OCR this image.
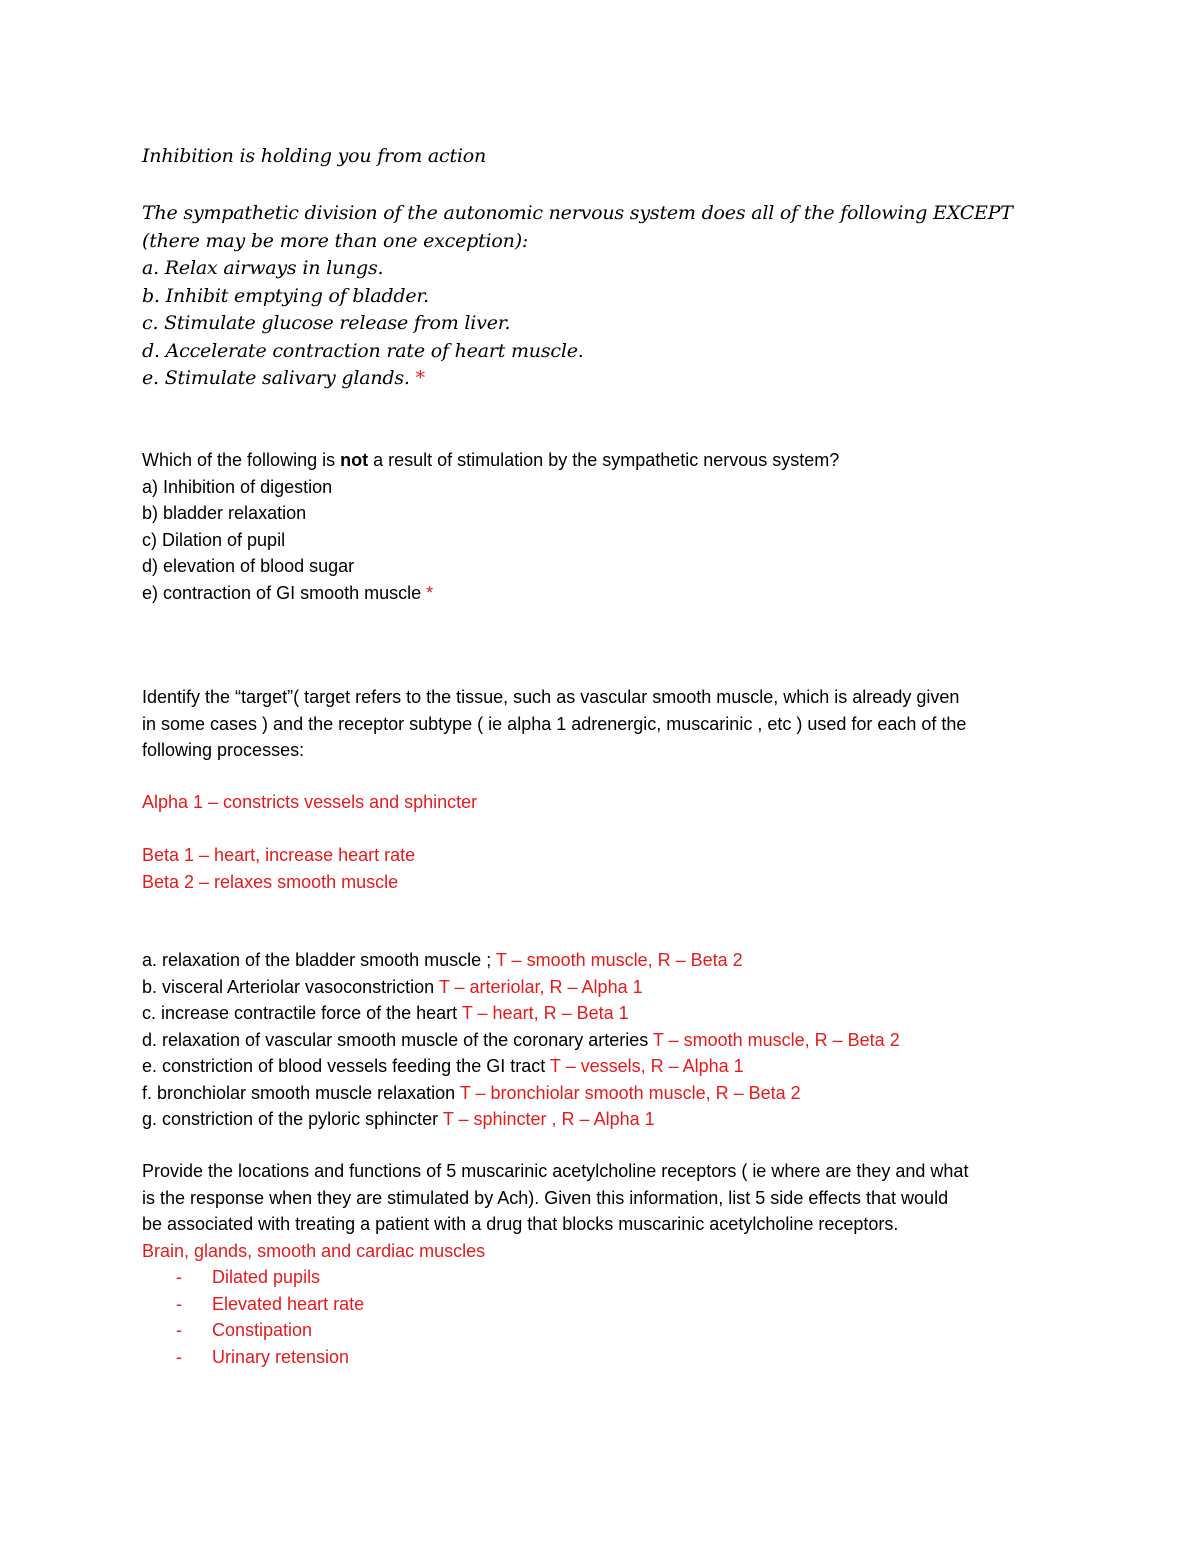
Inhibition is holding you from action
The sympathetic division of the autonomic nervous system does all of the following EXCEPT
(there may be more than one exception):
a. Relax airways in lungs.
b. Inhibit emptying of bladder.
c. Stimulate glucose release from liver.
d. Accelerate contraction rate of heart muscle.
e. Stimulate salivary glands. *
Which of the following is not a result of stimulation by the sympathetic nervous system?
a) Inhibition of digestion
b) bladder relaxation
c) Dilation of pupil
d) elevation of blood sugar
e) contraction of GI smooth muscle *
Identify the “target”( target refers to the tissue, such as vascular smooth muscle, which is already given
in some cases ) and the receptor subtype ( ie alpha 1 adrenergic, muscarinic , etc ) used for each of the
following processes:
Alpha 1 – constricts vessels and sphincter
Beta 1 – heart, increase heart rate
Beta 2 – relaxes smooth muscle
a. relaxation of the bladder smooth muscle ; T – smooth muscle, R – Beta 2
b. visceral Arteriolar vasoconstriction T – arteriolar, R – Alpha 1
c. increase contractile force of the heart T – heart, R – Beta 1
d. relaxation of vascular smooth muscle of the coronary arteries T – smooth muscle, R – Beta 2
e. constriction of blood vessels feeding the GI tract T – vessels, R – Alpha 1
f. bronchiolar smooth muscle relaxation T – bronchiolar smooth muscle, R – Beta 2
g. constriction of the pyloric sphincter T – sphincter , R – Alpha 1
Provide the locations and functions of 5 muscarinic acetylcholine receptors ( ie where are they and what
is the response when they are stimulated by Ach). Given this information, list 5 side effects that would
be associated with treating a patient with a drug that blocks muscarinic acetylcholine receptors.
Brain, glands, smooth and cardiac muscles
-	Dilated pupils
-	Elevated heart rate
-	Constipation
-	Urinary retension
